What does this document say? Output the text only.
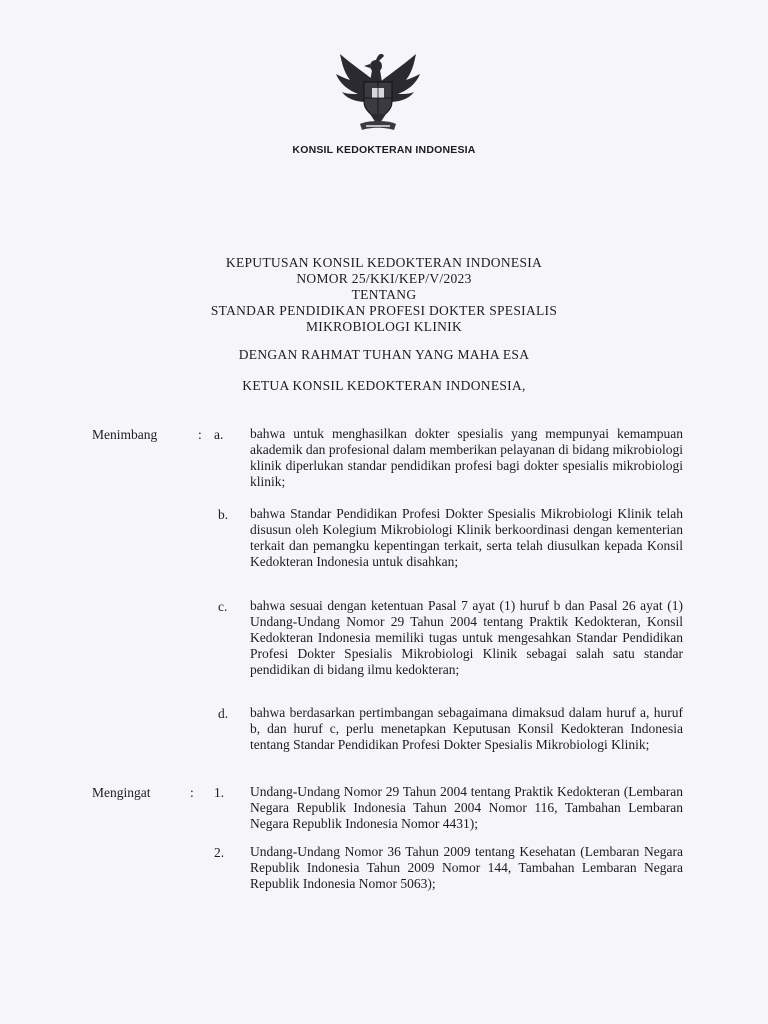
KONSIL KEDOKTERAN INDONESIA
KEPUTUSAN KONSIL KEDOKTERAN INDONESIA
NOMOR 25/KKI/KEP/V/2023
TENTANG
STANDAR PENDIDIKAN PROFESI DOKTER SPESIALIS
MIKROBIOLOGI KLINIK
DENGAN RAHMAT TUHAN YANG MAHA ESA
KETUA KONSIL KEDOKTERAN INDONESIA,
Menimbang	: a. bahwa untuk menghasilkan dokter spesialis yang mempunyai kemampuan akademik dan profesional dalam memberikan pelayanan di bidang mikrobiologi klinik diperlukan standar pendidikan profesi bagi dokter spesialis mikrobiologi klinik;
b. bahwa Standar Pendidikan Profesi Dokter Spesialis Mikrobiologi Klinik telah disusun oleh Kolegium Mikrobiologi Klinik berkoordinasi dengan kementerian terkait dan pemangku kepentingan terkait, serta telah diusulkan kepada Konsil Kedokteran Indonesia untuk disahkan;
c. bahwa sesuai dengan ketentuan Pasal 7 ayat (1) huruf b dan Pasal 26 ayat (1) Undang-Undang Nomor 29 Tahun 2004 tentang Praktik Kedokteran, Konsil Kedokteran Indonesia memiliki tugas untuk mengesahkan Standar Pendidikan Profesi Dokter Spesialis Mikrobiologi Klinik sebagai salah satu standar pendidikan di bidang ilmu kedokteran;
d. bahwa berdasarkan pertimbangan sebagaimana dimaksud dalam huruf a, huruf b, dan huruf c, perlu menetapkan Keputusan Konsil Kedokteran Indonesia tentang Standar Pendidikan Profesi Dokter Spesialis Mikrobiologi Klinik;
Mengingat	: 1. Undang-Undang Nomor 29 Tahun 2004 tentang Praktik Kedokteran (Lembaran Negara Republik Indonesia Tahun 2004 Nomor 116, Tambahan Lembaran Negara Republik Indonesia Nomor 4431);
2. Undang-Undang Nomor 36 Tahun 2009 tentang Kesehatan (Lembaran Negara Republik Indonesia Tahun 2009 Nomor 144, Tambahan Lembaran Negara Republik Indonesia Nomor 5063);
